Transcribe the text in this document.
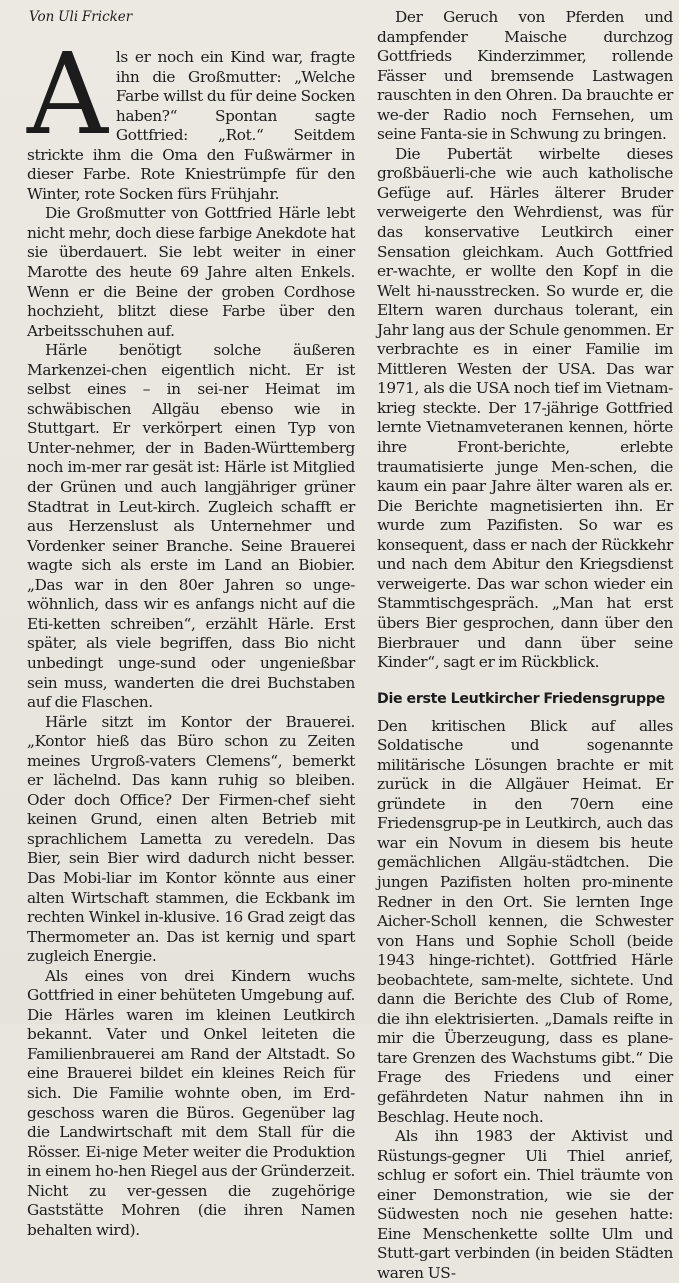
Von Uli Fricker

Als er noch ein Kind war, fragte ihn die Großmutter: „Welche Farbe willst du für deine Socken haben?“ Spontan sagte Gottfried: „Rot.“ Seitdem strickte ihm die Oma den Fußwärmer in dieser Farbe. Rote Kniestrümpfe für den Winter, rote Socken fürs Frühjahr.

Die Großmutter von Gottfried Härle lebt nicht mehr, doch diese farbige Anekdote hat sie überdauert. Sie lebt weiter in einer Marotte des heute 69 Jahre alten Enkels. Wenn er die Beine der groben Cordhose hochzieht, blitzt diese Farbe über den Arbeitsschuhen auf.

Härle benötigt solche äußeren Markenzei-chen eigentlich nicht. Er ist selbst eines – in sei-ner Heimat im schwäbischen Allgäu ebenso wie in Stuttgart. Er verkörpert einen Typ von Unter-nehmer, der in Baden-Württemberg noch im-mer rar gesät ist: Härle ist Mitglied der Grünen und auch langjähriger grüner Stadtrat in Leut-kirch. Zugleich schafft er aus Herzenslust als Unternehmer und Vordenker seiner Branche. Seine Brauerei wagte sich als erste im Land an Biobier. „Das war in den 80er Jahren so unge-wöhnlich, dass wir es anfangs nicht auf die Eti-ketten schreiben“, erzählt Härle. Erst später, als viele begriffen, dass Bio nicht unbedingt unge-sund oder ungenießbar sein muss, wanderten die drei Buchstaben auf die Flaschen.

Härle sitzt im Kontor der Brauerei. „Kontor hieß das Büro schon zu Zeiten meines Urgroß-vaters Clemens“, bemerkt er lächelnd. Das kann ruhig so bleiben. Oder doch Office? Der Firmen-chef sieht keinen Grund, einen alten Betrieb mit sprachlichem Lametta zu veredeln. Das Bier, sein Bier wird dadurch nicht besser. Das Mobi-liar im Kontor könnte aus einer alten Wirtschaft stammen, die Eckbank im rechten Winkel in-klusive. 16 Grad zeigt das Thermometer an. Das ist kernig und spart zugleich Energie.

Als eines von drei Kindern wuchs Gottfried in einer behüteten Umgebung auf. Die Härles waren im kleinen Leutkirch bekannt. Vater und Onkel leiteten die Familienbrauerei am Rand der Altstadt. So eine Brauerei bildet ein kleines Reich für sich. Die Familie wohnte oben, im Erd-geschoss waren die Büros. Gegenüber lag die Landwirtschaft mit dem Stall für die Rösser. Ei-nige Meter weiter die Produktion in einem ho-hen Riegel aus der Gründerzeit. Nicht zu ver-gessen die zugehörige Gaststätte Mohren (die ihren Namen behalten wird).

Der Geruch von Pferden und dampfender Maische durchzog Gottfrieds Kinderzimmer, rollende Fässer und bremsende Lastwagen rauschten in den Ohren. Da brauchte er we-der Radio noch Fernsehen, um seine Fanta-sie in Schwung zu bringen.

Die Pubertät wirbelte dieses großbäuerli-che wie auch katholische Gefüge auf. Härles älterer Bruder verweigerte den Wehrdienst, was für das konservative Leutkirch einer Sensation gleichkam. Auch Gottfried er-wachte, er wollte den Kopf in die Welt hi-nausstrecken. So wurde er, die Eltern waren durchaus tolerant, ein Jahr lang aus der Schule genommen. Er verbrachte es in einer Familie im Mittleren Westen der USA. Das war 1971, als die USA noch tief im Vietnam-krieg steckte. Der 17-jährige Gottfried lernte Vietnamveteranen kennen, hörte ihre Front-berichte, erlebte traumatisierte junge Men-schen, die kaum ein paar Jahre älter waren als er. Die Berichte magnetisierten ihn. Er wurde zum Pazifisten. So war es konsequent, dass er nach der Rückkehr und nach dem Abitur den Kriegsdienst verweigerte. Das war schon wieder ein Stammtischgespräch. „Man hat erst übers Bier gesprochen, dann über den Bierbrauer und dann über seine Kinder“, sagt er im Rückblick.

Die erste Leutkircher Friedensgruppe

Den kritischen Blick auf alles Soldatische und sogenannte militärische Lösungen brachte er mit zurück in die Allgäuer Heimat. Er gründete in den 70ern eine Friedensgrup-pe in Leutkirch, auch das war ein Novum in diesem bis heute gemächlichen Allgäu-städtchen. Die jungen Pazifisten holten pro-minente Redner in den Ort. Sie lernten Inge Aicher-Scholl kennen, die Schwester von Hans und Sophie Scholl (beide 1943 hinge-richtet). Gottfried Härle beobachtete, sam-melte, sichtete. Und dann die Berichte des Club of Rome, die ihn elektrisierten. „Damals reifte in mir die Überzeugung, dass es plane-tare Grenzen des Wachstums gibt.“ Die Frage des Friedens und einer gefährdeten Natur nahmen ihn in Beschlag. Heute noch.

Als ihn 1983 der Aktivist und Rüstungs-gegner Uli Thiel anrief, schlug er sofort ein. Thiel träumte von einer Demonstration, wie sie der Südwesten noch nie gesehen hatte: Eine Menschenkette sollte Ulm und Stutt-gart verbinden (in beiden Städten waren US-
